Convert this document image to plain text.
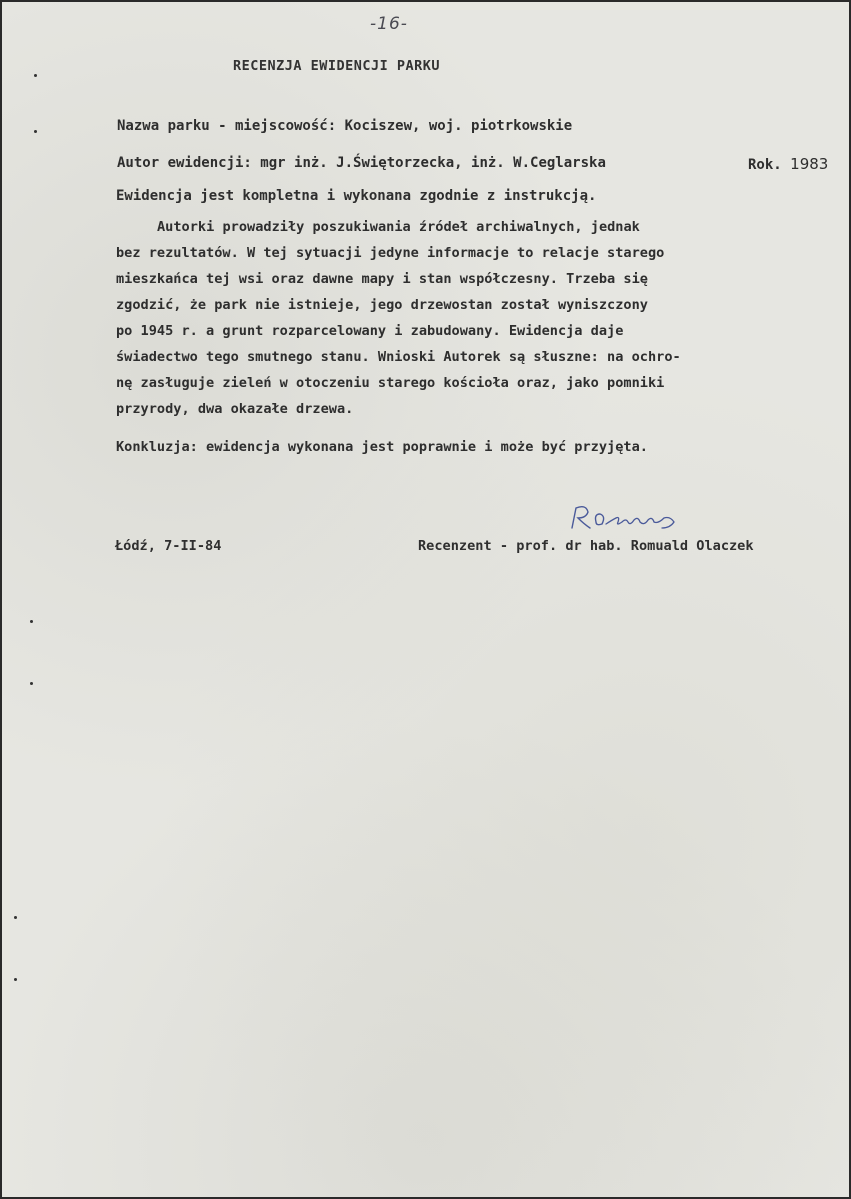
-16-
RECENZJA EWIDENCJI PARKU
Nazwa parku - miejscowość: Kociszew, woj. piotrkowskie
Autor ewidencji: mgr inż. J.Świętorzecka, inż. W.Ceglarska	Rok. 1983
Ewidencja jest kompletna i wykonana zgodnie z instrukcją.
Autorki prowadziły poszukiwania źródeł archiwalnych, jednak
bez rezultatów. W tej sytuacji jedyne informacje to relacje starego
mieszkańca tej wsi oraz dawne mapy i stan współczesny. Trzeba się
zgodzić, że park nie istnieje, jego drzewostan został wyniszczony
po 1945 r. a grunt rozparcelowany i zabudowany. Ewidencja daje
świadectwo tego smutnego stanu. Wnioski Autorek są słuszne: na ochro-
nę zasługuje zieleń w otoczeniu starego kościoła oraz, jako pomniki
przyrody, dwa okazałe drzewa.
Konkluzja: ewidencja wykonana jest poprawnie i może być przyjęta.
Łódź, 7-II-84	Recenzent - prof. dr hab. Romuald Olaczek
